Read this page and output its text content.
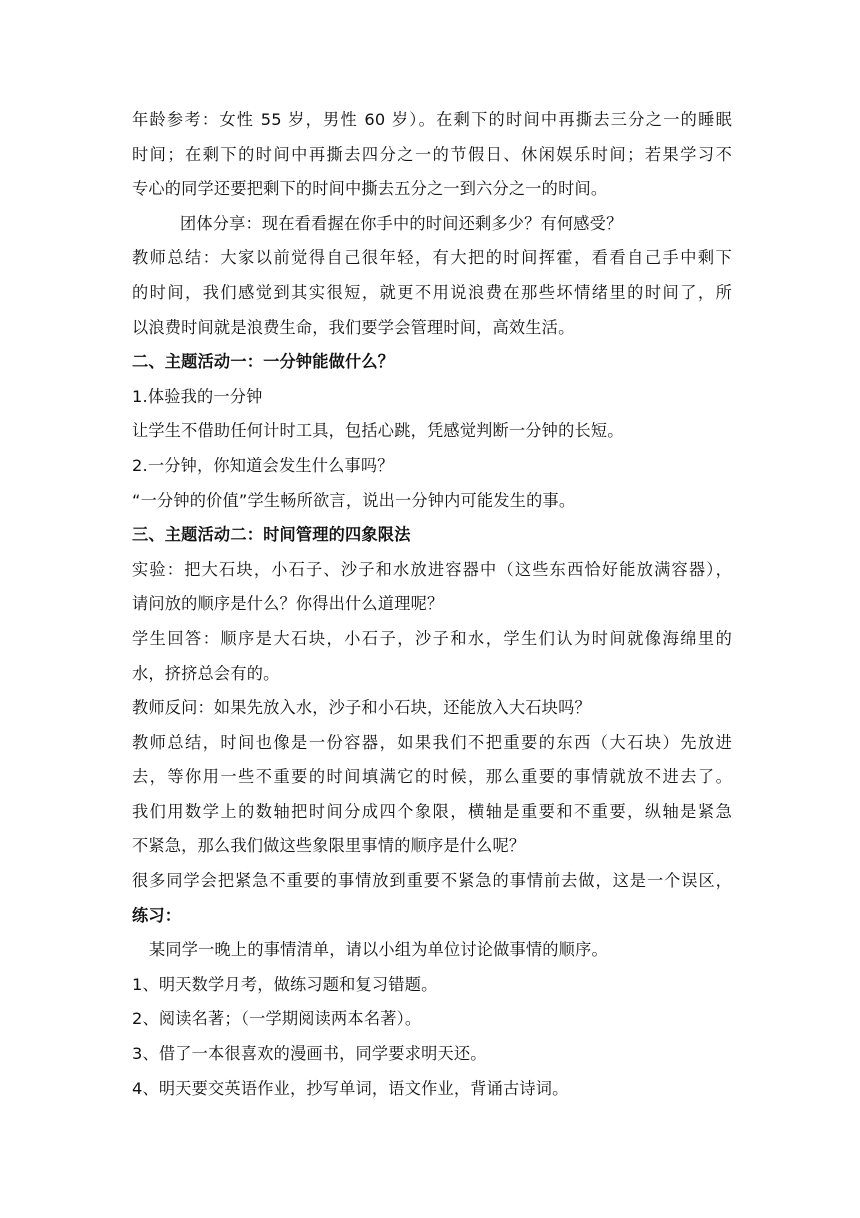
年龄参考：女性 55 岁，男性 60 岁）。在剩下的时间中再撕去三分之一的睡眠
时间；在剩下的时间中再撕去四分之一的节假日、休闲娱乐时间；若果学习不
专心的同学还要把剩下的时间中撕去五分之一到六分之一的时间。
团体分享：现在看看握在你手中的时间还剩多少？有何感受？
教师总结：大家以前觉得自己很年轻，有大把的时间挥霍，看看自己手中剩下
的时间，我们感觉到其实很短，就更不用说浪费在那些坏情绪里的时间了，所
以浪费时间就是浪费生命，我们要学会管理时间，高效生活。
二、主题活动一：一分钟能做什么？
1.体验我的一分钟
让学生不借助任何计时工具，包括心跳，凭感觉判断一分钟的长短。
2.一分钟，你知道会发生什么事吗？
“一分钟的价值”学生畅所欲言，说出一分钟内可能发生的事。
三、主题活动二：时间管理的四象限法
实验：把大石块，小石子、沙子和水放进容器中（这些东西恰好能放满容器），
请问放的顺序是什么？你得出什么道理呢？
学生回答：顺序是大石块，小石子，沙子和水，学生们认为时间就像海绵里的
水，挤挤总会有的。
教师反问：如果先放入水，沙子和小石块，还能放入大石块吗？
教师总结，时间也像是一份容器，如果我们不把重要的东西（大石块）先放进
去，等你用一些不重要的时间填满它的时候，那么重要的事情就放不进去了。
我们用数学上的数轴把时间分成四个象限，横轴是重要和不重要，纵轴是紧急
不紧急，那么我们做这些象限里事情的顺序是什么呢？
很多同学会把紧急不重要的事情放到重要不紧急的事情前去做，这是一个误区，
练习：
某同学一晚上的事情清单，请以小组为单位讨论做事情的顺序。
1、明天数学月考，做练习题和复习错题。
2、阅读名著；（一学期阅读两本名著）。
3、借了一本很喜欢的漫画书，同学要求明天还。
4、明天要交英语作业，抄写单词，语文作业，背诵古诗词。
